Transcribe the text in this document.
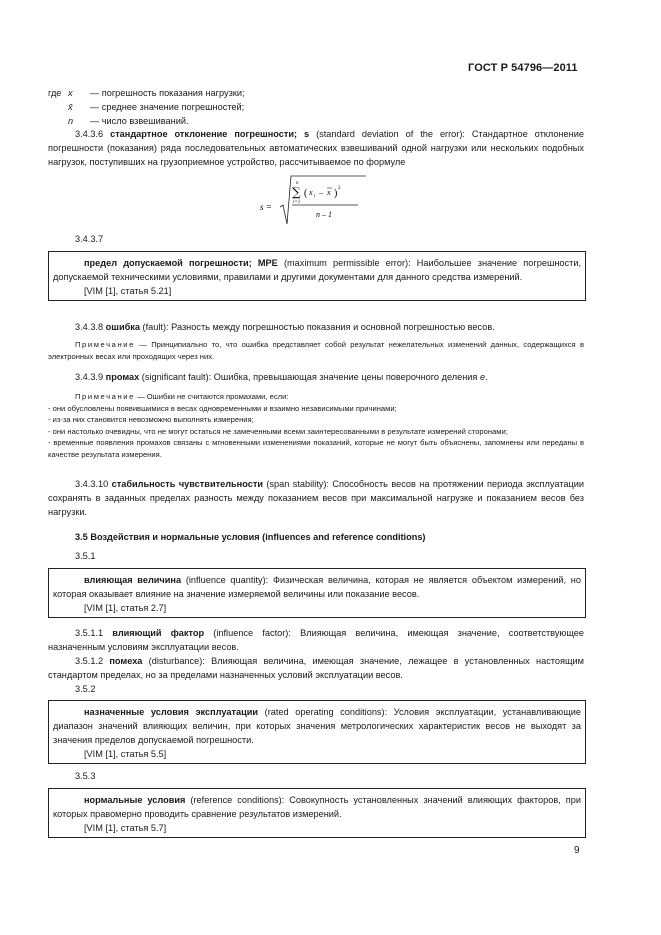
ГОСТ Р 54796—2011
где x — погрешность показания нагрузки;
x̄ — среднее значение погрешностей;
n — число взвешиваний.

3.4.3.6 стандартное отклонение погрешности; s (standard deviation of the error): Стандартное отклонение погрешности (показания) ряда последовательных автоматических взвешиваний одной нагрузки или нескольких подобных нагрузок, поступивших на грузоприемное устройство, рассчитываемое по формуле

s =
n
∑
i=1
( x i – x ) 2
n – 1
3.4.3.7
предел допускаемой погрешности; MPE (maximum permissible error): Наибольшее значение погрешности, допускаемой техническими условиями, правилами и другими документами для данного средства измерений.
[VIM [1], статья 5.21]

3.4.3.8 ошибка (fault): Разность между погрешностью показания и основной погрешностью весов.

Примечание — Принципиально то, что ошибка представляет собой результат нежелательных изменений данных, содержащихся в электронных весах или проходящих через них.

3.4.3.9 промах (significant fault): Ошибка, превышающая значение цены поверочного деления e.

Примечание — Ошибки не считаются промахами, если:
- они обусловлены появившимися в весах одновременными и взаимно независимыми причинами;
- из-за них становится невозможно выполнять измерения;
- они настолько очевидны, что не могут остаться не замеченными всеми заинтересованными в результате измерений сторонами;
- временные появления промахов связаны с мгновенными изменениями показаний, которые не могут быть объяснены, запомнены или переданы в качестве результата измерения.

3.4.3.10 стабильность чувствительности (span stability): Способность весов на протяжении периода эксплуатации сохранять в заданных пределах разность между показанием весов при максимальной нагрузке и показанием весов без нагрузки.

3.5 Воздействия и нормальные условия (influences and reference conditions)

3.5.1
влияющая величина (influence quantity): Физическая величина, которая не является объектом измерений, но которая оказывает влияние на значение измеряемой величины или показание весов.
[VIM [1], статья 2.7]

3.5.1.1 влияющий фактор (influence factor): Влияющая величина, имеющая значение, соответствующее назначенным условиям эксплуатации весов.

3.5.1.2 помеха (disturbance): Влияющая величина, имеющая значение, лежащее в установленных настоящим стандартом пределах, но за пределами назначенных условий эксплуатации весов.

3.5.2
назначенные условия эксплуатации (rated operating conditions): Условия эксплуатации, устанавливающие диапазон значений влияющих величин, при которых значения метрологических характеристик весов не выходят за значения пределов допускаемой погрешности.
[VIM [1], статья 5.5]
3.5.3
нормальные условия (reference conditions): Совокупность установленных значений влияющих факторов, при которых правомерно проводить сравнение результатов измерений.
[VIM [1], статья 5.7]
9
